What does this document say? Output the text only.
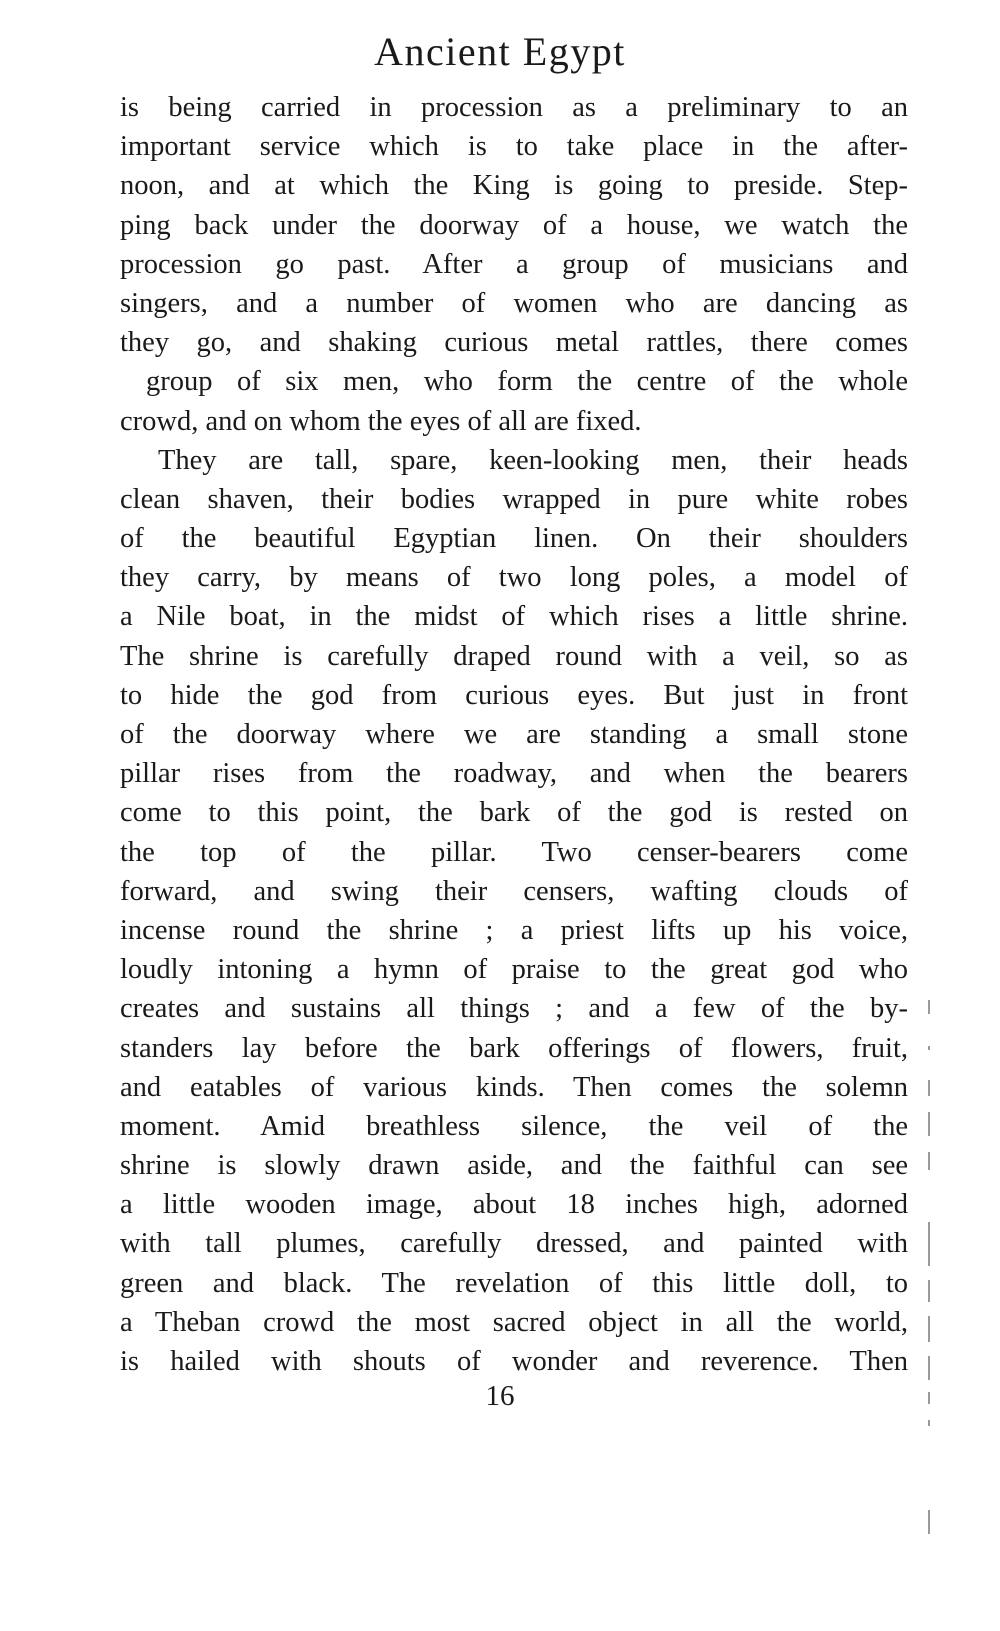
Ancient Egypt
is being carried in procession as a preliminary to an
important service which is to take place in the after-
noon, and at which the King is going to preside. Step-
ping back under the doorway of a house, we watch the
procession go past. After a group of musicians and
singers, and a number of women who are dancing as
they go, and shaking curious metal rattles, there comes
group of six men, who form the centre of the whole
crowd, and on whom the eyes of all are fixed.
They are tall, spare, keen-looking men, their heads
clean shaven, their bodies wrapped in pure white robes
of the beautiful Egyptian linen. On their shoulders
they carry, by means of two long poles, a model of
a Nile boat, in the midst of which rises a little shrine.
The shrine is carefully draped round with a veil, so as
to hide the god from curious eyes. But just in front
of the doorway where we are standing a small stone
pillar rises from the roadway, and when the bearers
come to this point, the bark of the god is rested on
the top of the pillar. Two censer-bearers come
forward, and swing their censers, wafting clouds of
incense round the shrine ; a priest lifts up his voice,
loudly intoning a hymn of praise to the great god who
creates and sustains all things ; and a few of the by-
standers lay before the bark offerings of flowers, fruit,
and eatables of various kinds. Then comes the solemn
moment. Amid breathless silence, the veil of the
shrine is slowly drawn aside, and the faithful can see
a little wooden image, about 18 inches high, adorned
with tall plumes, carefully dressed, and painted with
green and black. The revelation of this little doll, to
a Theban crowd the most sacred object in all the world,
is hailed with shouts of wonder and reverence. Then
16
